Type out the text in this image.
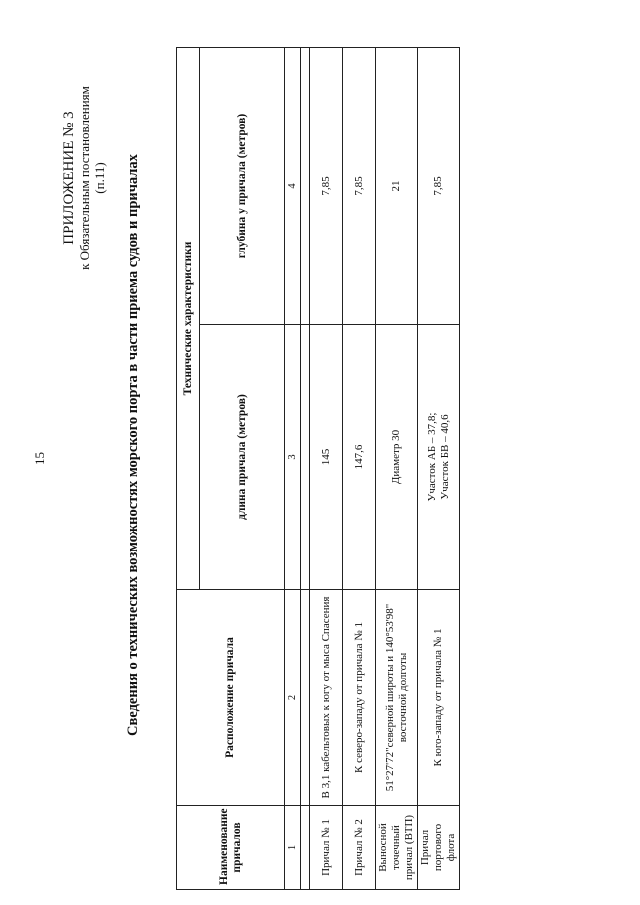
15
ПРИЛОЖЕНИЕ № 3 к Обязательным постановлениям (п.11) Сведения о технических возможностях морского порта в части приема судов и причалах
Наименование причалов	Расположение причала	Технические характеристики	
		длина причала (метров)	глубина у причала (метров)
1	2	3	4

Причал № 1	В 3,1 кабельтовых к югу от мыса Спасения	145	7,85
Причал № 2	К северо-западу от причала № 1	147,6	7,85
Выносной точечный причал (ВТП)	51°27'72"северной широты и 140°53'98" восточной долготы	Диаметр 30	21
Причал портового флота	К юго-западу от причала № 1	Участок АБ – 37,8; Участок БВ – 40,6	7,85
